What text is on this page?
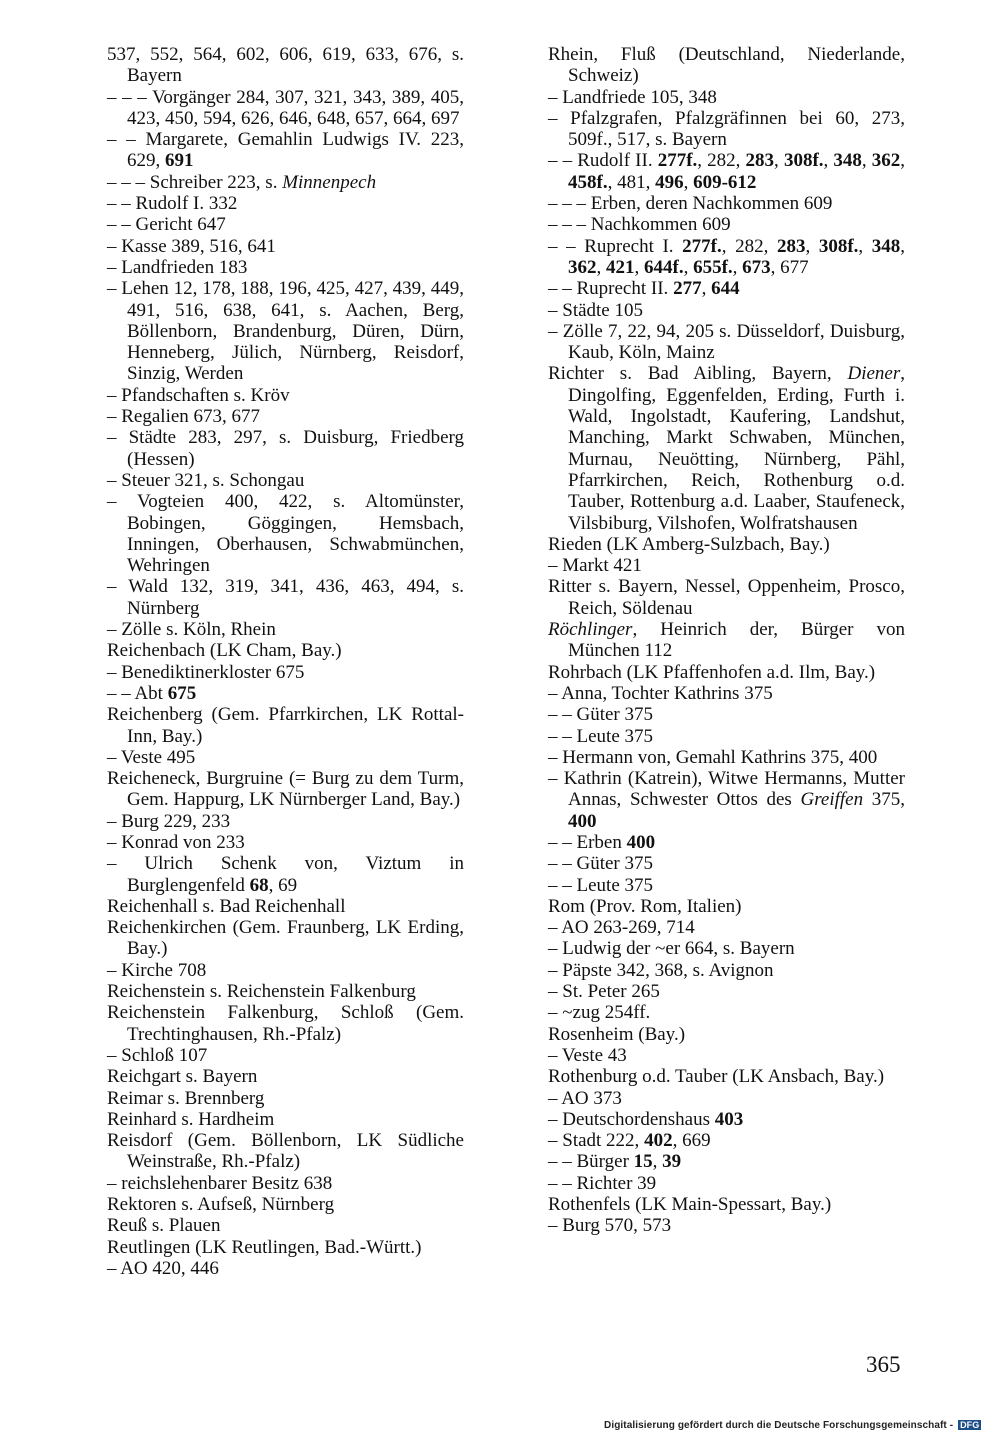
537, 552, 564, 602, 606, 619, 633, 676, s. Bayern

– – – Vorgänger 284, 307, 321, 343, 389, 405, 423, 450, 594, 626, 646, 648, 657, 664, 697

– – Margarete, Gemahlin Ludwigs IV. 223, 629, 691

– – – Schreiber 223, s. Minnenpech

– – Rudolf I. 332

– – Gericht 647

– Kasse 389, 516, 641

– Landfrieden 183

– Lehen 12, 178, 188, 196, 425, 427, 439, 449, 491, 516, 638, 641, s. Aachen, Berg, Böllenborn, Brandenburg, Düren, Dürn, Henneberg, Jülich, Nürnberg, Reisdorf, Sinzig, Werden

– Pfandschaften s. Kröv

– Regalien 673, 677

– Städte 283, 297, s. Duisburg, Friedberg (Hessen)

– Steuer 321, s. Schongau

– Vogteien 400, 422, s. Altomünster, Bobingen, Göggingen, Hemsbach, Inningen, Oberhausen, Schwabmünchen, Wehringen

– Wald 132, 319, 341, 436, 463, 494, s. Nürnberg

– Zölle s. Köln, Rhein

Reichenbach (LK Cham, Bay.)

– Benediktinerkloster 675

– – Abt 675

Reichenberg (Gem. Pfarrkirchen, LK Rottal-Inn, Bay.)

– Veste 495

Reicheneck, Burgruine (= Burg zu dem Turm, Gem. Happurg, LK Nürnberger Land, Bay.)

– Burg 229, 233

– Konrad von 233

– Ulrich Schenk von, Viztum in Burglengenfeld 68, 69

Reichenhall s. Bad Reichenhall

Reichenkirchen (Gem. Fraunberg, LK Erding, Bay.)

– Kirche 708

Reichenstein s. Reichenstein Falkenburg

Reichenstein Falkenburg, Schloß (Gem. Trechtinghausen, Rh.-Pfalz)

– Schloß 107

Reichgart s. Bayern

Reimar s. Brennberg

Reinhard s. Hardheim

Reisdorf (Gem. Böllenborn, LK Südliche Weinstraße, Rh.-Pfalz)

– reichslehenbarer Besitz 638

Rektoren s. Aufseß, Nürnberg

Reuß s. Plauen

Reutlingen (LK Reutlingen, Bad.-Württ.)

– AO 420, 446

Rhein, Fluß (Deutschland, Niederlande, Schweiz)

– Landfriede 105, 348

– Pfalzgrafen, Pfalzgräfinnen bei 60, 273, 509f., 517, s. Bayern

– – Rudolf II. 277f., 282, 283, 308f., 348, 362, 458f., 481, 496, 609-612

– – – Erben, deren Nachkommen 609

– – – Nachkommen 609

– – Ruprecht I. 277f., 282, 283, 308f., 348, 362, 421, 644f., 655f., 673, 677

– – Ruprecht II. 277, 644

– Städte 105

– Zölle 7, 22, 94, 205 s. Düsseldorf, Duisburg, Kaub, Köln, Mainz

Richter s. Bad Aibling, Bayern, Diener, Dingolfing, Eggenfelden, Erding, Furth i. Wald, Ingolstadt, Kaufering, Landshut, Manching, Markt Schwaben, München, Murnau, Neuötting, Nürnberg, Pähl, Pfarrkirchen, Reich, Rothenburg o.d. Tauber, Rottenburg a.d. Laaber, Staufeneck, Vilsbiburg, Vilshofen, Wolfratshausen

Rieden (LK Amberg-Sulzbach, Bay.)

– Markt 421

Ritter s. Bayern, Nessel, Oppenheim, Prosco, Reich, Söldenau

Röchlinger, Heinrich der, Bürger von München 112

Rohrbach (LK Pfaffenhofen a.d. Ilm, Bay.)

– Anna, Tochter Kathrins 375

– – Güter 375

– – Leute 375

– Hermann von, Gemahl Kathrins 375, 400

– Kathrin (Katrein), Witwe Hermanns, Mutter Annas, Schwester Ottos des Greiffen 375, 400

– – Erben 400

– – Güter 375

– – Leute 375

Rom (Prov. Rom, Italien)

– AO 263-269, 714

– Ludwig der ~er 664, s. Bayern

– Päpste 342, 368, s. Avignon

– St. Peter 265

– ~zug 254ff.

Rosenheim (Bay.)

– Veste 43

Rothenburg o.d. Tauber (LK Ansbach, Bay.)

– AO 373

– Deutschordenshaus 403

– Stadt 222, 402, 669

– – Bürger 15, 39

– – Richter 39

Rothenfels (LK Main-Spessart, Bay.)

– Burg 570, 573

365
Digitalisierung gefördert durch die Deutsche Forschungsgemeinschaft - DFG
